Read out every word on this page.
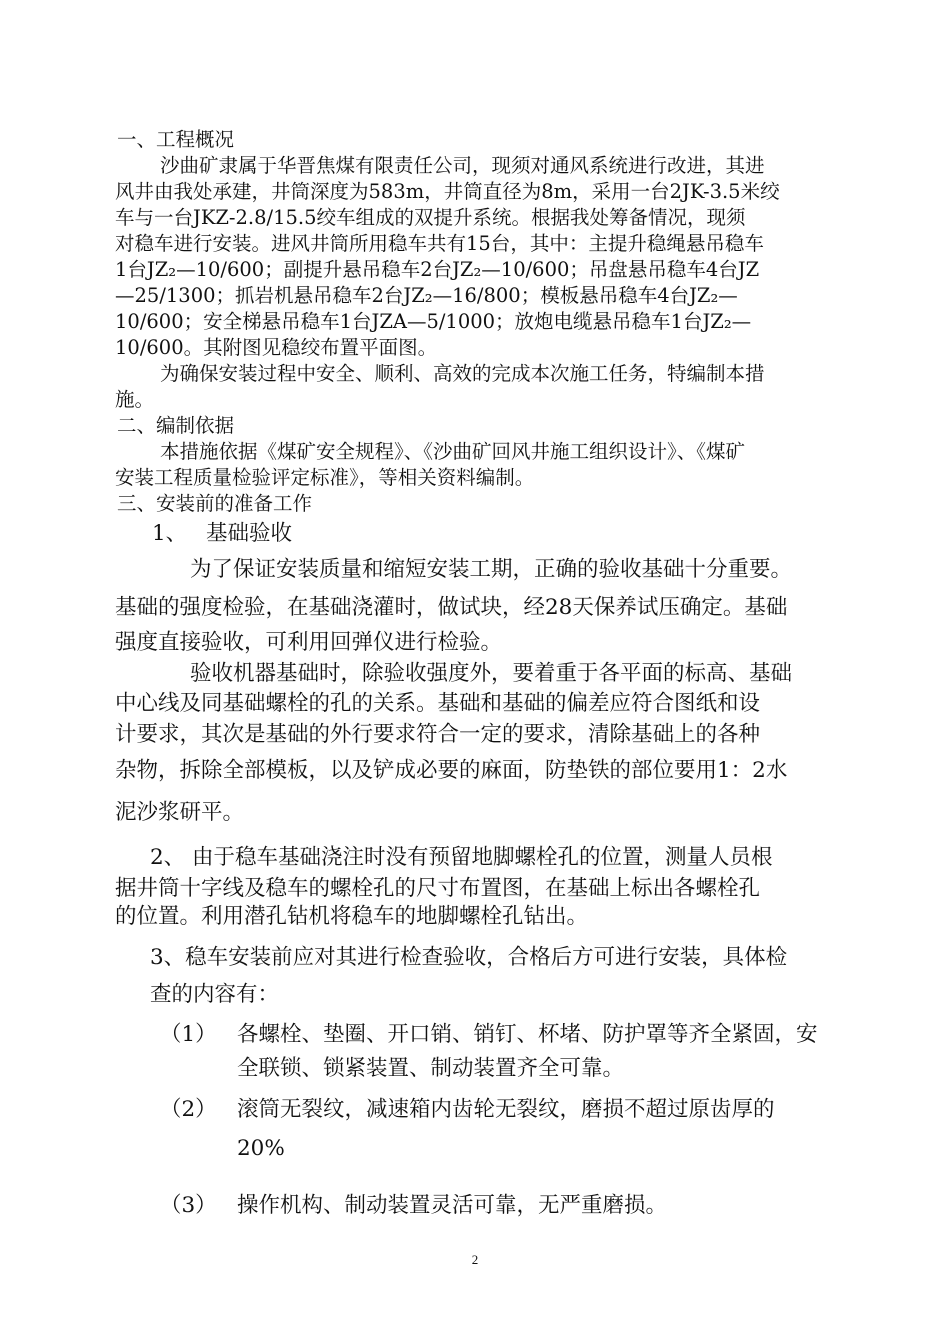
一、工程概况
沙曲矿隶属于华晋焦煤有限责任公司，现须对通风系统进行改进，其进
风井由我处承建，井筒深度为583m，井筒直径为8m，采用一台2JK-3.5米绞
车与一台JKZ-2.8/15.5绞车组成的双提升系统。根据我处筹备情况，现须
对稳车进行安装。进风井筒所用稳车共有15台，其中：主提升稳绳悬吊稳车
1台JZ₂—10/600；副提升悬吊稳车2台JZ₂—10/600；吊盘悬吊稳车4台JZ
—25/1300；抓岩机悬吊稳车2台JZ₂—16/800；模板悬吊稳车4台JZ₂—
10/600；安全梯悬吊稳车1台JZA—5/1000；放炮电缆悬吊稳车1台JZ₂—
10/600。其附图见稳绞布置平面图。
为确保安装过程中安全、顺利、高效的完成本次施工任务，特编制本措
施。
二、编制依据
本措施依据《煤矿安全规程》、《沙曲矿回风井施工组织设计》、《煤矿
安装工程质量检验评定标准》，等相关资料编制。
三、安装前的准备工作
1、 基础验收
为了保证安装质量和缩短安装工期，正确的验收基础十分重要。
基础的强度检验，在基础浇灌时，做试块，经28天保养试压确定。基础
强度直接验收，可利用回弹仪进行检验。
验收机器基础时，除验收强度外，要着重于各平面的标高、基础
中心线及同基础螺栓的孔的关系。基础和基础的偏差应符合图纸和设
计要求，其次是基础的外行要求符合一定的要求，清除基础上的各种
杂物，拆除全部模板，以及铲成必要的麻面，防垫铁的部位要用1：2水
泥沙浆研平。
2、 由于稳车基础浇注时没有预留地脚螺栓孔的位置，测量人员根
据井筒十字线及稳车的螺栓孔的尺寸布置图，在基础上标出各螺栓孔
的位置。利用潜孔钻机将稳车的地脚螺栓孔钻出。
3、稳车安装前应对其进行检查验收，合格后方可进行安装，具体检
查的内容有：
（1） 各螺栓、垫圈、开口销、销钉、杯堵、防护罩等齐全紧固，安
全联锁、锁紧装置、制动装置齐全可靠。
（2） 滚筒无裂纹，减速箱内齿轮无裂纹，磨损不超过原齿厚的
20%
（3） 操作机构、制动装置灵活可靠，无严重磨损。
2
